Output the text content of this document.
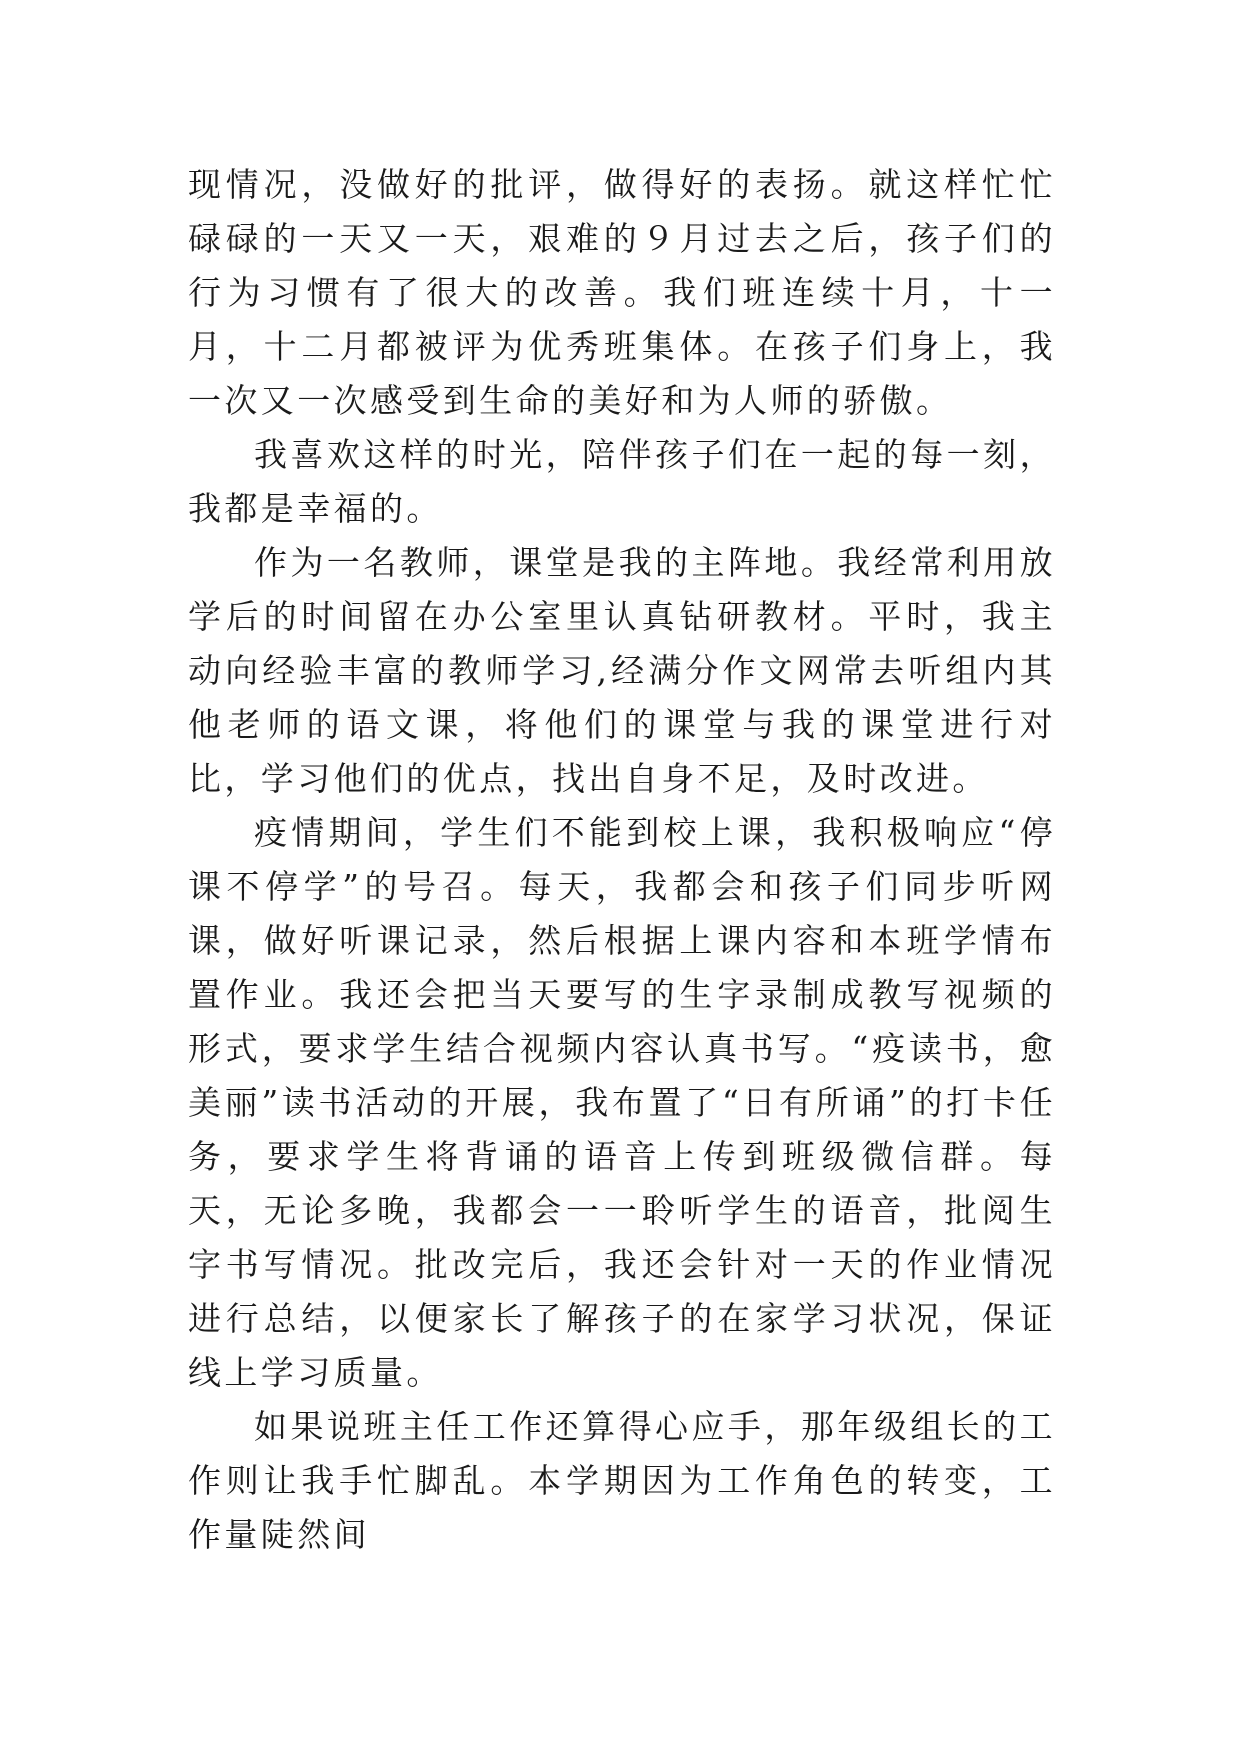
现情况，没做好的批评，做得好的表扬。就这样忙忙碌碌的一天又一天，艰难的９月过去之后，孩子们的行为习惯有了很大的改善。我们班连续十月，十一月，十二月都被评为优秀班集体。在孩子们身上，我一次又一次感受到生命的美好和为人师的骄傲。

我喜欢这样的时光，陪伴孩子们在一起的每一刻，我都是幸福的。

作为一名教师，课堂是我的主阵地。我经常利用放学后的时间留在办公室里认真钻研教材。平时，我主动向经验丰富的教师学习,经满分作文网常去听组内其他老师的语文课，将他们的课堂与我的课堂进行对比，学习他们的优点，找出自身不足，及时改进。

疫情期间，学生们不能到校上课，我积极响应“停课不停学”的号召。每天，我都会和孩子们同步听网课，做好听课记录，然后根据上课内容和本班学情布置作业。我还会把当天要写的生字录制成教写视频的形式，要求学生结合视频内容认真书写。“疫读书，愈美丽”读书活动的开展，我布置了“日有所诵”的打卡任务，要求学生将背诵的语音上传到班级微信群。每天，无论多晚，我都会一一聆听学生的语音，批阅生字书写情况。批改完后，我还会针对一天的作业情况进行总结，以便家长了解孩子的在家学习状况，保证线上学习质量。

如果说班主任工作还算得心应手，那年级组长的工作则让我手忙脚乱。本学期因为工作角色的转变，工作量陡然间
